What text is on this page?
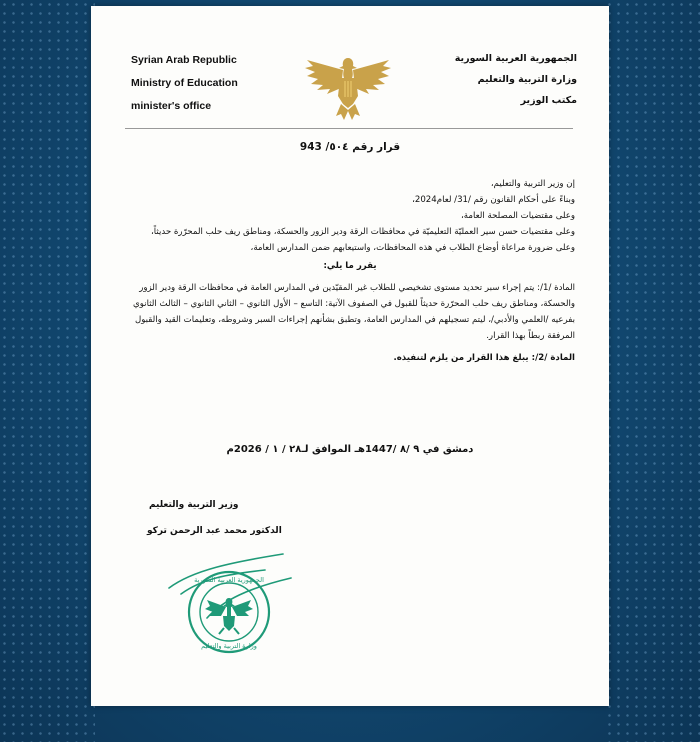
Syrian Arab Republic
Ministry of Education
minister's office
الجمهورية العربية السورية
وزارة التربية والتعليم
مكتب الوزير
قرار رقم ٥٠٤/ 943

إن وزير التربية والتعليم،

وبناءً على أحكام القانون رقم /31/ لعام2024،

وعلى مقتضيات المصلحة العامة،

وعلى مقتضيات حسن سير العمليّة التعليميّة في محافظات الرقة ودير الزور والحسكة، ومناطق ريف حلب المحرّرة حديثاً،

وعلى ضرورة مراعاة أوضاع الطلاب في هذه المحافظات، واستيعابهم ضمن المدارس العامة،

يقرر ما يلي:

المادة /1/: يتم إجراء سبر تحديد مستوى تشخيصي للطلاب غير المقيّدين في المدارس العامة في محافظات الرقة ودير الزور والحسكة، ومناطق ريف حلب المحرّرة حديثاً للقبول في الصفوف الآتية: التاسع – الأول الثانوي – الثاني الثانوي – الثالث الثانوي بفرعيه /العلمي والأدبي/، ليتم تسجيلهم في المدارس العامة، وتطبق بشأنهم إجراءات السبر وشروطه، وتعليمات القيد والقبول المرفقة ربطاً بهذا القرار.

المادة /2/: يبلغ هذا القرار من يلزم لتنفيذه.

دمشق في ٩ /٨ /1447هـ الموافق لـ٢٨ / ١ / 2026م
وزير التربية والتعليم
الدكتور محمد عبد الرحمن تركو
الجمهورية العربية السورية
وزارة التربية والتعليم
